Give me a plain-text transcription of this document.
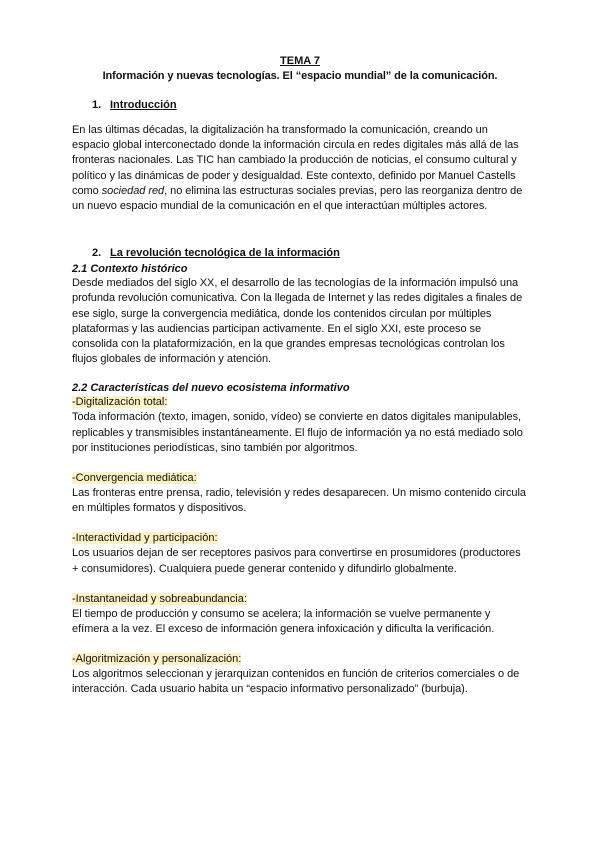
TEMA 7
Información y nuevas tecnologías. El “espacio mundial” de la comunicación.
1. Introducción

En las últimas décadas, la digitalización ha transformado la comunicación, creando un espacio global interconectado donde la información circula en redes digitales más allá de las fronteras nacionales. Las TIC han cambiado la producción de noticias, el consumo cultural y político y las dinámicas de poder y desigualdad. Este contexto, definido por Manuel Castells como sociedad red, no elimina las estructuras sociales previas, pero las reorganiza dentro de un nuevo espacio mundial de la comunicación en el que interactúan múltiples actores.

2. La revolución tecnológica de la información
2.1 Contexto histórico

Desde mediados del siglo XX, el desarrollo de las tecnologías de la información impulsó una profunda revolución comunicativa. Con la llegada de Internet y las redes digitales a finales de ese siglo, surge la convergencia mediática, donde los contenidos circulan por múltiples plataformas y las audiencias participan activamente. En el siglo XXI, este proceso se consolida con la plataformización, en la que grandes empresas tecnológicas controlan los flujos globales de información y atención.

2.2 Características del nuevo ecosistema informativo
-Digitalización total:

Toda información (texto, imagen, sonido, vídeo) se convierte en datos digitales manipulables, replicables y transmisibles instantáneamente. El flujo de información ya no está mediado solo por instituciones periodísticas, sino también por algoritmos.

-Convergencia mediática:

Las fronteras entre prensa, radio, televisión y redes desaparecen. Un mismo contenido circula en múltiples formatos y dispositivos.

-Interactividad y participación:

Los usuarios dejan de ser receptores pasivos para convertirse en prosumidores (productores + consumidores). Cualquiera puede generar contenido y difundirlo globalmente.

-Instantaneidad y sobreabundancia:

El tiempo de producción y consumo se acelera; la información se vuelve permanente y efímera a la vez. El exceso de información genera infoxicación y dificulta la verificación.

-Algoritmización y personalización:

Los algoritmos seleccionan y jerarquizan contenidos en función de criterios comerciales o de interacción. Cada usuario habita un “espacio informativo personalizado” (burbuja).
